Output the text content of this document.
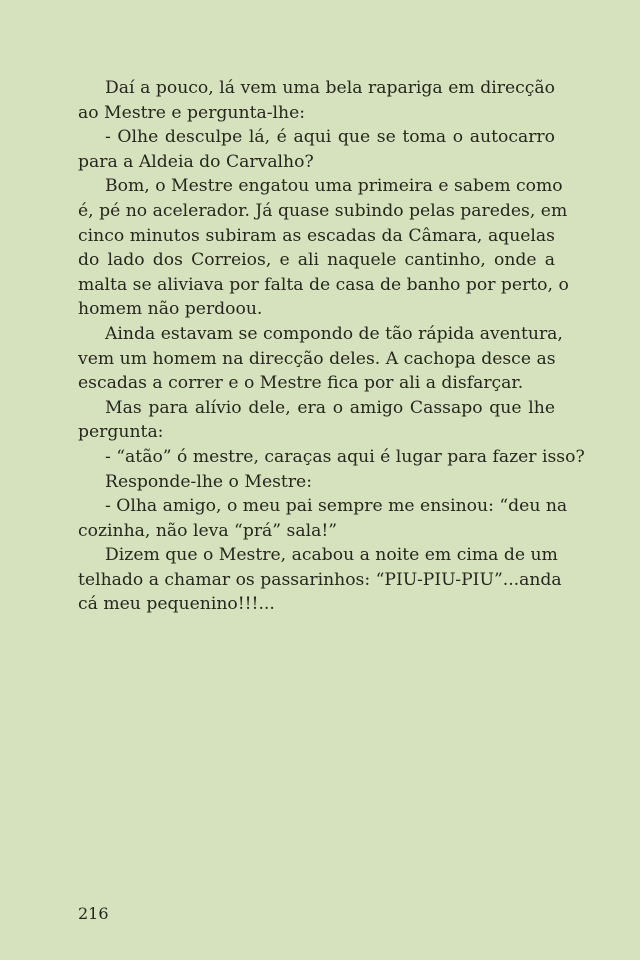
Daí a pouco, lá vem uma bela rapariga em direcção
ao Mestre e pergunta-lhe:
- Olhe desculpe lá, é aqui que se toma o autocarro
para a Aldeia do Carvalho?
Bom, o Mestre engatou uma primeira e sabem como
é, pé no acelerador. Já quase subindo pelas paredes, em
cinco minutos subiram as escadas da Câmara, aquelas
do lado dos Correios, e ali naquele cantinho, onde a
malta se aliviava por falta de casa de banho por perto, o
homem não perdoou.
Ainda estavam se compondo de tão rápida aventura,
vem um homem na direcção deles. A cachopa desce as
escadas a correr e o Mestre fica por ali a disfarçar.
Mas para alívio dele, era o amigo Cassapo que lhe
pergunta:
- “atão” ó mestre, caraças aqui é lugar para fazer isso?
Responde-lhe o Mestre:
- Olha amigo, o meu pai sempre me ensinou: “deu na
cozinha, não leva “prá” sala!”
Dizem que o Mestre, acabou a noite em cima de um
telhado a chamar os passarinhos: “PIU-PIU-PIU”...anda
cá meu pequenino!!!...
216
